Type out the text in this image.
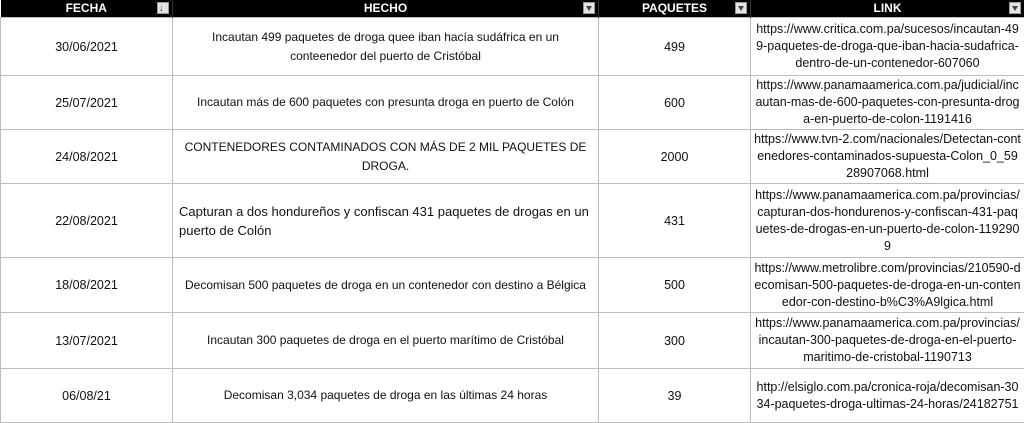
FECHA ↓	HECHO	PAQUETES	LINK

30/06/2021	Incautan 499 paquetes de droga quee iban hacía sudáfrica en un conteenedor del puerto de Cristóbal	499	https://www.critica.com.pa/sucesos/incautan-499-paquetes-de-droga-que-iban-hacia-sudafrica-dentro-de-un-contenedor-607060
25/07/2021	Incautan más de 600 paquetes con presunta droga en puerto de Colón	600	https://www.panamaamerica.com.pa/judicial/incautan-mas-de-600-paquetes-con-presunta-droga-en-puerto-de-colon-1191416
24/08/2021	CONTENEDORES CONTAMINADOS CON MÁS DE 2 MIL PAQUETES DE DROGA.	2000	https://www.tvn-2.com/nacionales/Detectan-contenedores-contaminados-supuesta-Colon_0_5928907068.html
22/08/2021	Capturan a dos hondureños y confiscan 431 paquetes de drogas en un puerto de Colón	431	https://www.panamaamerica.com.pa/provincias/capturan-dos-hondurenos-y-confiscan-431-paquetes-de-drogas-en-un-puerto-de-colon-1192909
18/08/2021	Decomisan 500 paquetes de droga en un contenedor con destino a Bélgica	500	https://www.metrolibre.com/provincias/210590-decomisan-500-paquetes-de-droga-en-un-contenedor-con-destino-b%C3%A9lgica.html
13/07/2021	Incautan 300 paquetes de droga en el puerto marítimo de Cristóbal	300	https://www.panamaamerica.com.pa/provincias/incautan-300-paquetes-de-droga-en-el-puerto-maritimo-de-cristobal-1190713
06/08/21	Decomisan 3,034 paquetes de droga en las últimas 24 horas	39	http://elsiglo.com.pa/cronica-roja/decomisan-3034-paquetes-droga-ultimas-24-horas/24182751
